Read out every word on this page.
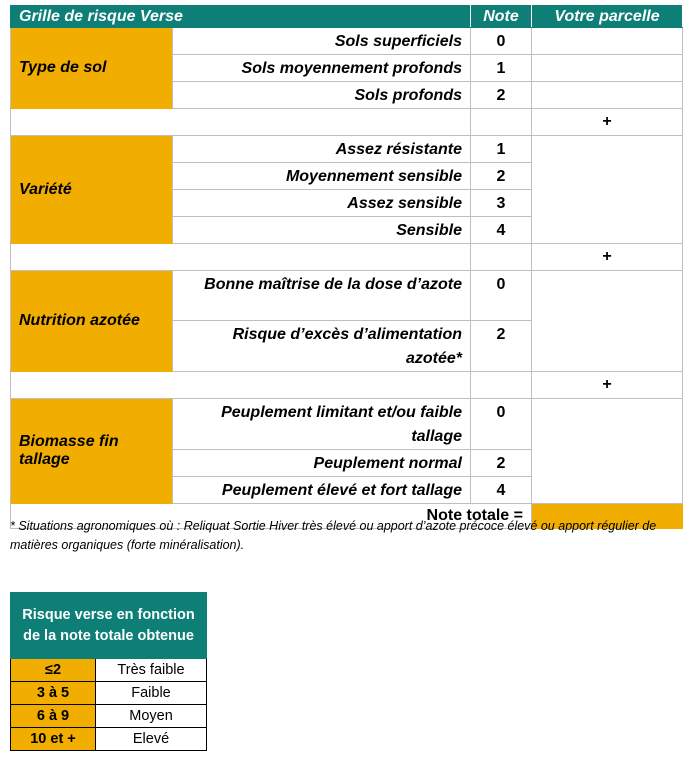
Grille de risque Verse		Note	Votre parcelle
Type de sol	Sols superficiels	0	
	Sols moyennement profonds	1	
	Sols profonds	2	
			+
Variété	Assez résistante	1	
	Moyennement sensible	2	
	Assez sensible	3	
	Sensible	4	
			+
Nutrition azotée	Bonne maîtrise de la dose d’azote	0	
	Risque d’excès d’alimentation azotée*	2	
			+
Biomasse fin tallage	Peuplement limitant et/ou faible tallage	0	
	Peuplement normal	2	
	Peuplement élevé et fort tallage	4	
Note totale =			
* Situations agronomiques où : Reliquat Sortie Hiver très élevé ou apport d’azote précoce élevé ou apport régulier de matières organiques (forte minéralisation).
Risque verse en fonction de la note totale obtenue	
≤2	Très faible
3 à 5	Faible
6 à 9	Moyen
10 et +	Elevé
